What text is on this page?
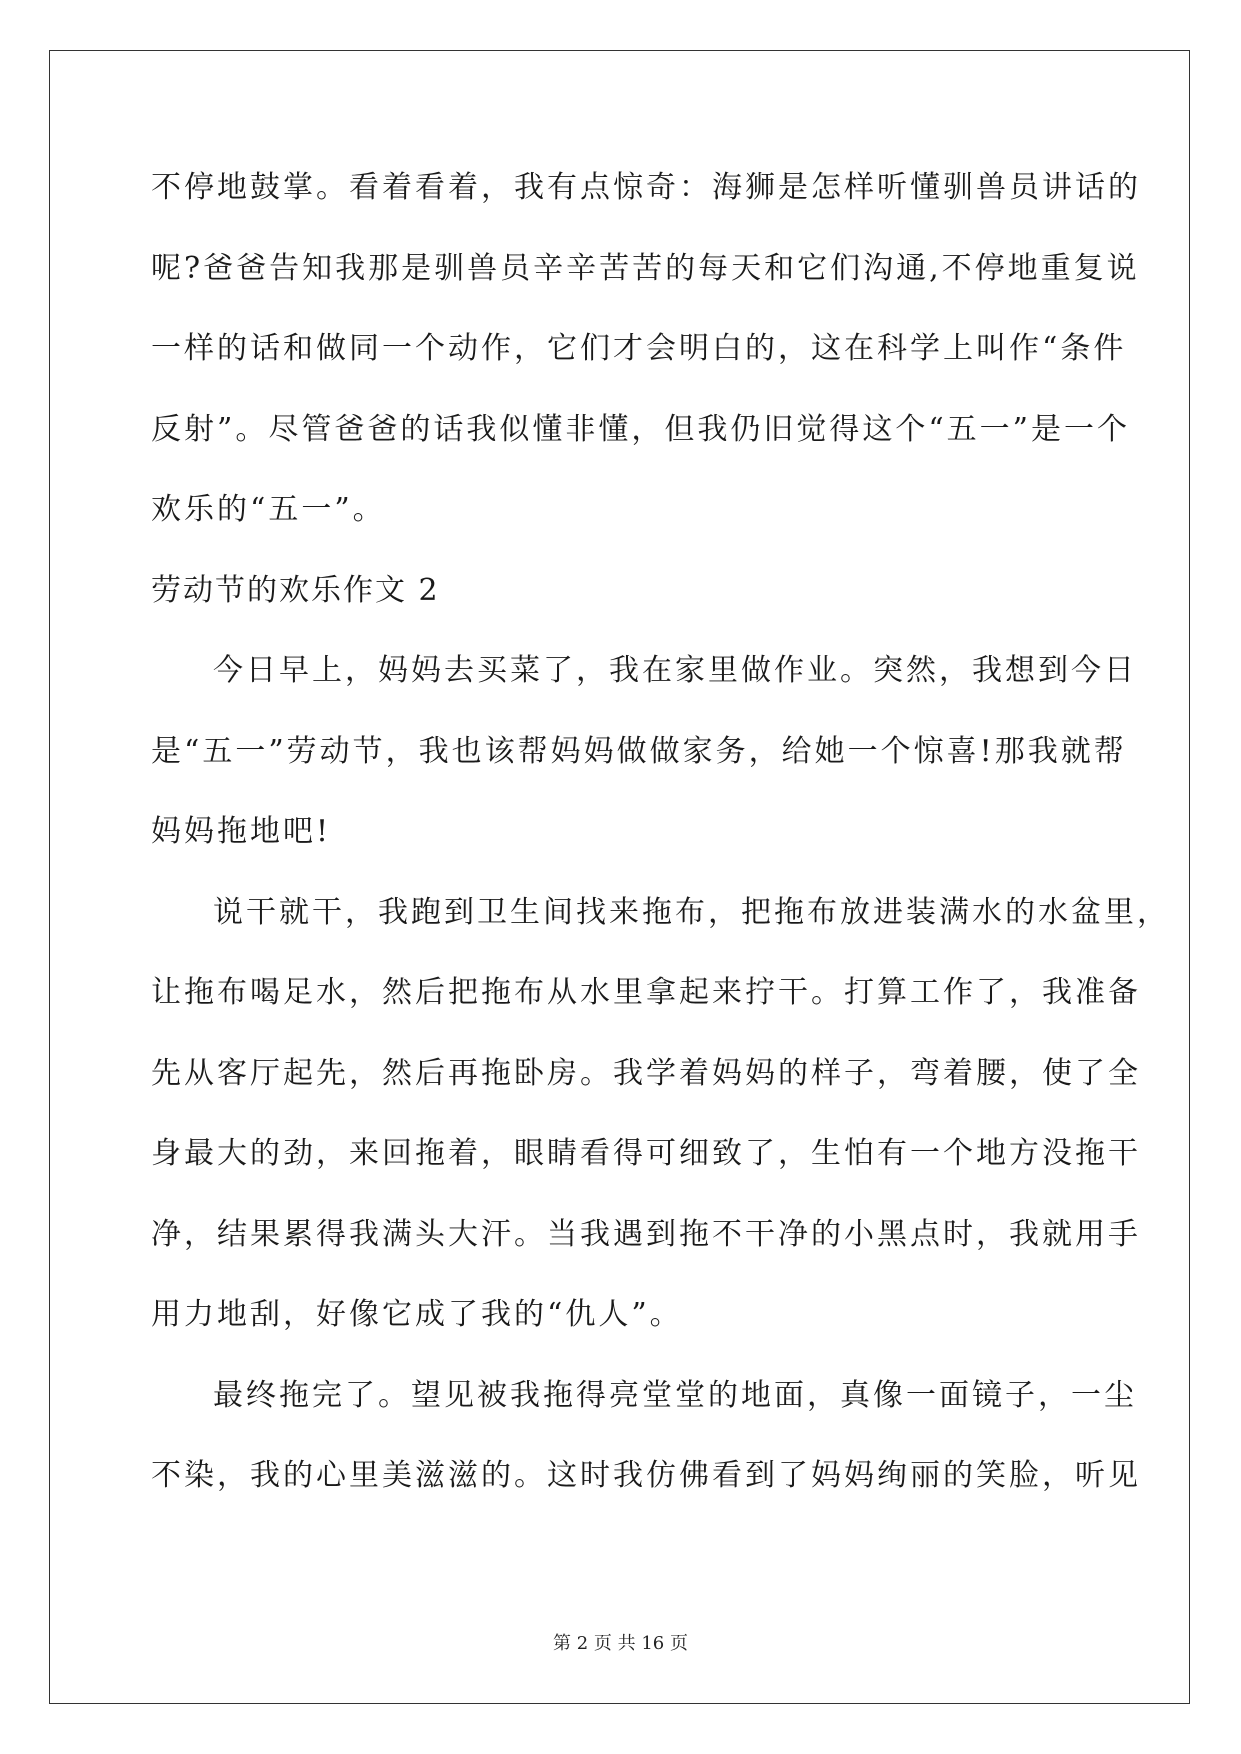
不停地鼓掌。看着看着，我有点惊奇：海狮是怎样听懂驯兽员讲话的
呢?爸爸告知我那是驯兽员辛辛苦苦的每天和它们沟通,不停地重复说
一样的话和做同一个动作，它们才会明白的，这在科学上叫作“条件
反射”。尽管爸爸的话我似懂非懂，但我仍旧觉得这个“五一”是一个
欢乐的“五一”。
劳动节的欢乐作文 2
今日早上，妈妈去买菜了，我在家里做作业。突然，我想到今日
是“五一”劳动节，我也该帮妈妈做做家务，给她一个惊喜!那我就帮
妈妈拖地吧!
说干就干，我跑到卫生间找来拖布，把拖布放进装满水的水盆里，
让拖布喝足水，然后把拖布从水里拿起来拧干。打算工作了，我准备
先从客厅起先，然后再拖卧房。我学着妈妈的样子，弯着腰，使了全
身最大的劲，来回拖着，眼睛看得可细致了，生怕有一个地方没拖干
净，结果累得我满头大汗。当我遇到拖不干净的小黑点时，我就用手
用力地刮，好像它成了我的“仇人”。
最终拖完了。望见被我拖得亮堂堂的地面，真像一面镜子，一尘
不染，我的心里美滋滋的。这时我仿佛看到了妈妈绚丽的笑脸，听见
第 2 页 共 16 页
